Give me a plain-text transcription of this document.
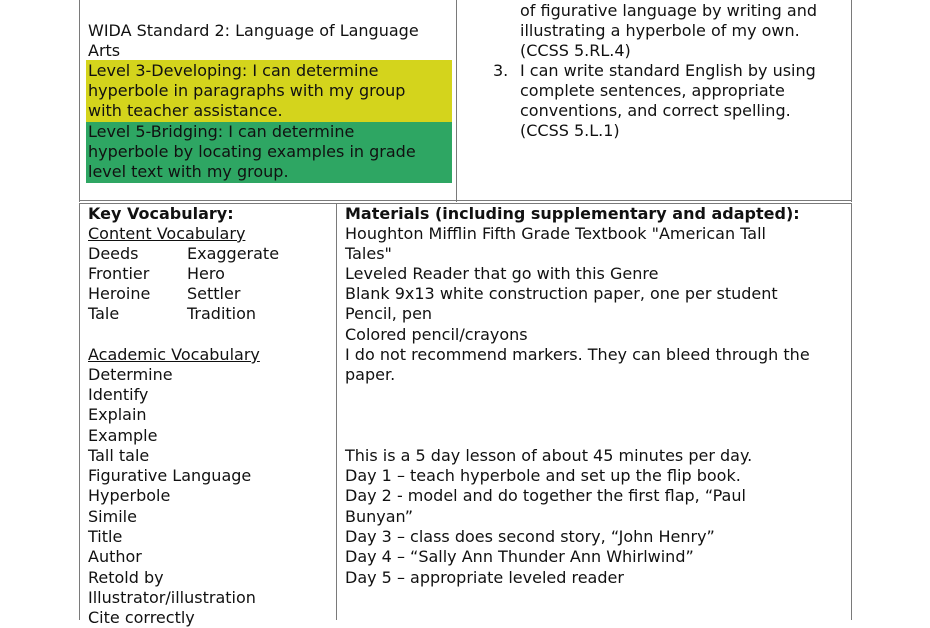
WIDA Standard 2: Language of Language
Arts
Level 3-Developing: I can determine
hyperbole in paragraphs with my group
with teacher assistance.
Level 5-Bridging: I can determine
hyperbole by locating examples in grade
level text with my group.
of figurative language by writing and
illustrating a hyperbole of my own.
(CCSS 5.RL.4)
3. I can write standard English by using
complete sentences, appropriate
conventions, and correct spelling.
(CCSS 5.L.1)
Key Vocabulary:
Content Vocabulary
Deeds	Exaggerate
Frontier Hero
Heroine Settler
Tale	Tradition
Academic Vocabulary
Determine
Identify
Explain
Example
Tall tale
Figurative Language
Hyperbole
Simile
Title
Author
Retold by
Illustrator/illustration
Cite correctly
Materials (including supplementary and adapted):
Houghton Mifflin Fifth Grade Textbook "American Tall
Tales"
Leveled Reader that go with this Genre
Blank 9x13 white construction paper, one per student
Pencil, pen
Colored pencil/crayons
I do not recommend markers. They can bleed through the
paper.
This is a 5 day lesson of about 45 minutes per day.
Day 1 – teach hyperbole and set up the flip book.
Day 2 - model and do together the first flap, “Paul
Bunyan”
Day 3 – class does second story, “John Henry”
Day 4 – “Sally Ann Thunder Ann Whirlwind”
Day 5 – appropriate leveled reader
